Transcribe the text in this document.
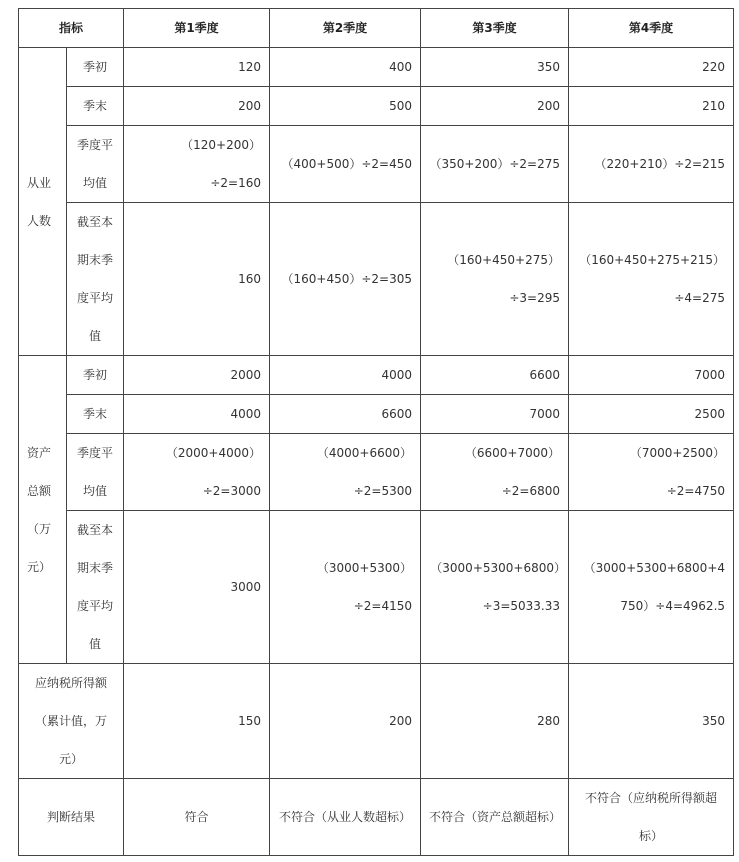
指标		第1季度	第2季度	第3季度	第4季度
从业人数	季初	120	400	350	220
	季末	200	500	200	210
	季度平均值	（120+200）÷2=160	（400+500）÷2=450	（350+200）÷2=275	（220+210）÷2=215
	截至本期末季度平均值	160	（160+450）÷2=305	（160+450+275）÷3=295	（160+450+275+215）÷4=275
资产总额（万元）	季初	2000	4000	6600	7000
	季末	4000	6600	7000	2500
	季度平均值	（2000+4000）÷2=3000	（4000+6600）÷2=5300	（6600+7000）÷2=6800	（7000+2500）÷2=4750
	截至本期末季度平均值	3000	（3000+5300）÷2=4150	（3000+5300+6800）÷3=5033.33	（3000+5300+6800+4750）÷4=4962.5
应纳税所得额（累计值，万元）		150	200	280	350
判断结果		符合	不符合（从业人数超标）	不符合（资产总额超标）	不符合（应纳税所得额超标）
